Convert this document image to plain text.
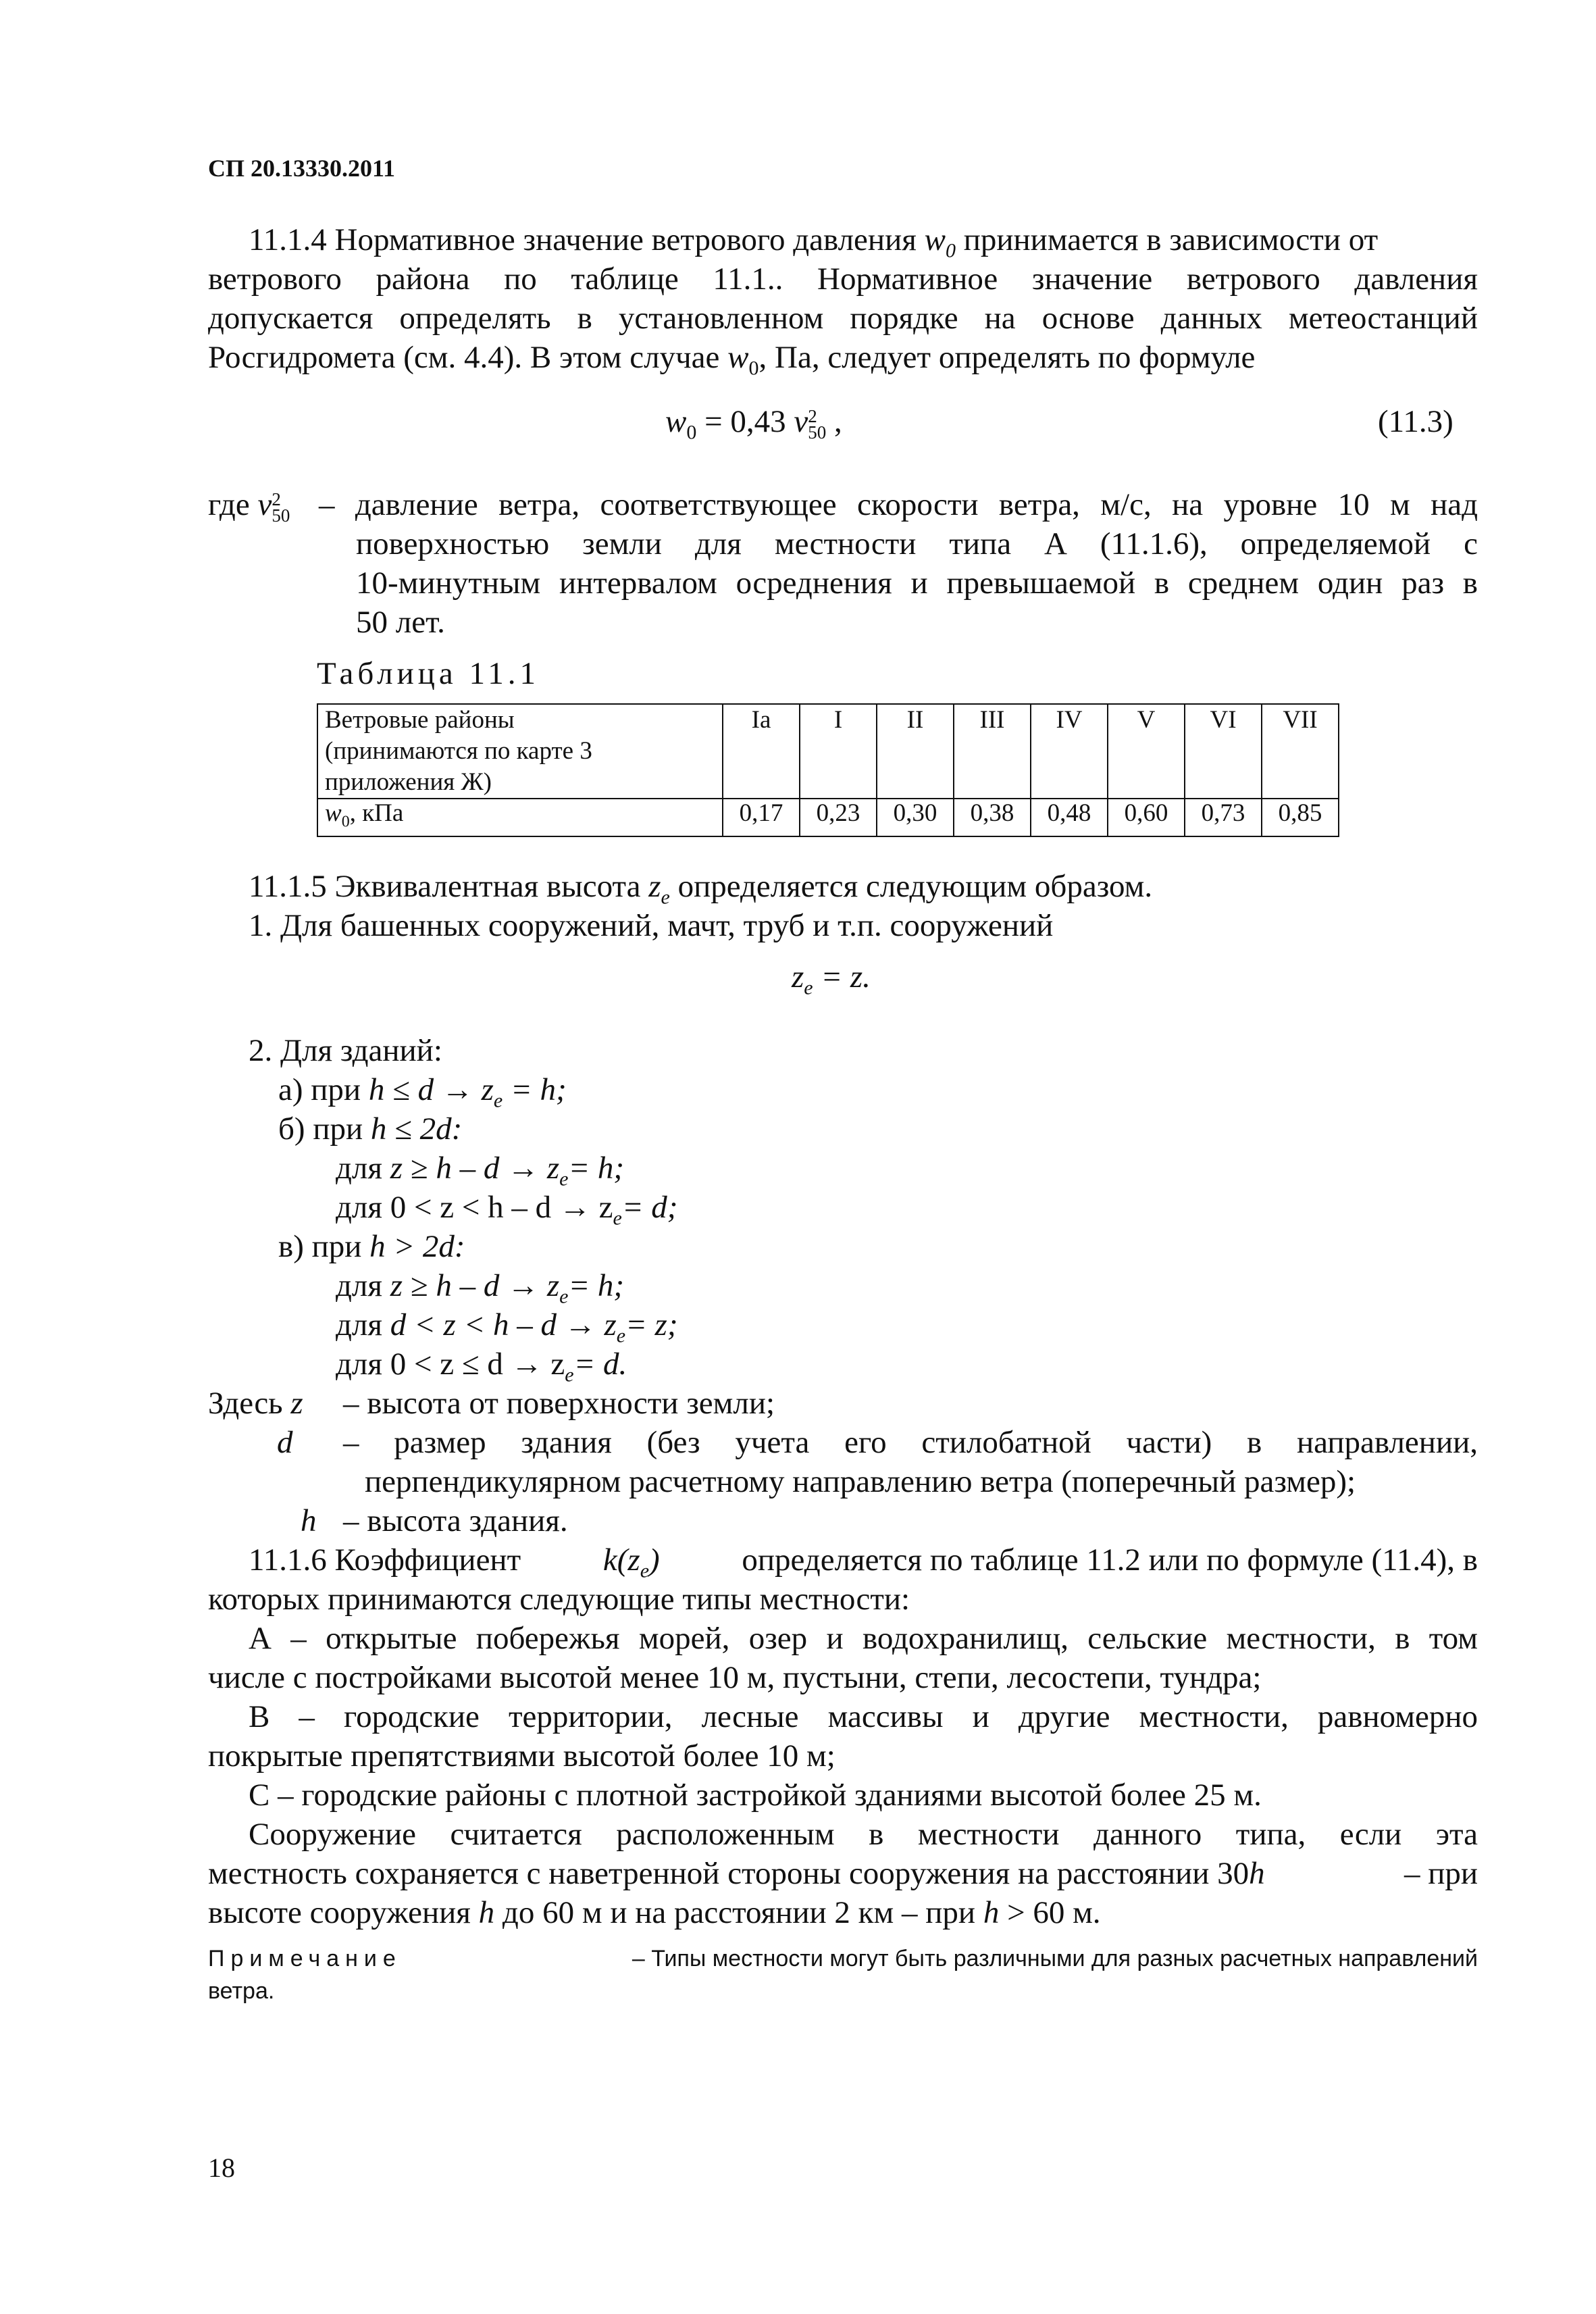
СП 20.13330.2011
11.1.4 Нормативное значение ветрового давления $w_0$ принимается в зависимости от
ветрового района по таблице 11.1.. Нормативное значение ветрового давления
допускается определять в установленном порядке на основе данных метеостанций
Росгидромета (см. 4.4). В этом случае $w_0$, Па, следует определять по формуле
$w_0 = 0,43$ v 2
50 ,	(11.3)
где v 2
50 – давление ветра, соответствующее скорости ветра, м/с, на уровне 10 м над
поверхностью земли для местности типа А (11.1.6), определяемой с
10-минутным интервалом осреднения и превышаемой в среднем один раз в
50 лет.
Таблица 11.1
Ветровые районы
(принимаются по карте 3
приложения Ж)	Ia	I	II	III	IV	V	VI	VII
$w_0$, кПа	0,17	0,23	0,30	0,38	0,48	0,60	0,73	0,85
11.1.5 Эквивалентная высота $z_e$ определяется следующим образом.
1. Для башенных сооружений, мачт, труб и т.п. сооружений
$z_e = z$.
2. Для зданий:
а) при $h \le d \to z_e = h$;
б) при h ≤ 2d:
для $z \ge h - d \to z_e= h$;
для $0 < z < h - d \to z_e= d$;
в) при h > 2d:
для $z \ge h - d \to z_e= h$;
для $d < z < h - d \to z_e= z$;
для $0 < z \le d \to z_e= d$.
Здесь z – высота от поверхности земли;
d – размер здания (без учета его стилобатной части) в направлении,
перпендикулярном расчетному направлению ветра (поперечный размер);
h – высота здания.
11.1.6 Коэффициент	$k(z_e)$	определяется по таблице 11.2 или по формуле (11.4), в
которых принимаются следующие типы местности:
А – открытые побережья морей, озер и водохранилищ, сельские местности, в том
числе с постройками высотой менее 10 м, пустыни, степи, лесостепи, тундра;
В – городские территории, лесные массивы и другие местности, равномерно
покрытые препятствиями высотой более 10 м;
С – городские районы с плотной застройкой зданиями высотой более 25 м.
Сооружение считается расположенным в местности данного типа, если эта
местность сохраняется с наветренной стороны сооружения на расстоянии 30h	– при
высоте сооружения h до 60 м и на расстоянии 2 км – при h > 60 м.
Примечание	– Типы местности могут быть различными для разных расчетных направлений
ветра.
18
